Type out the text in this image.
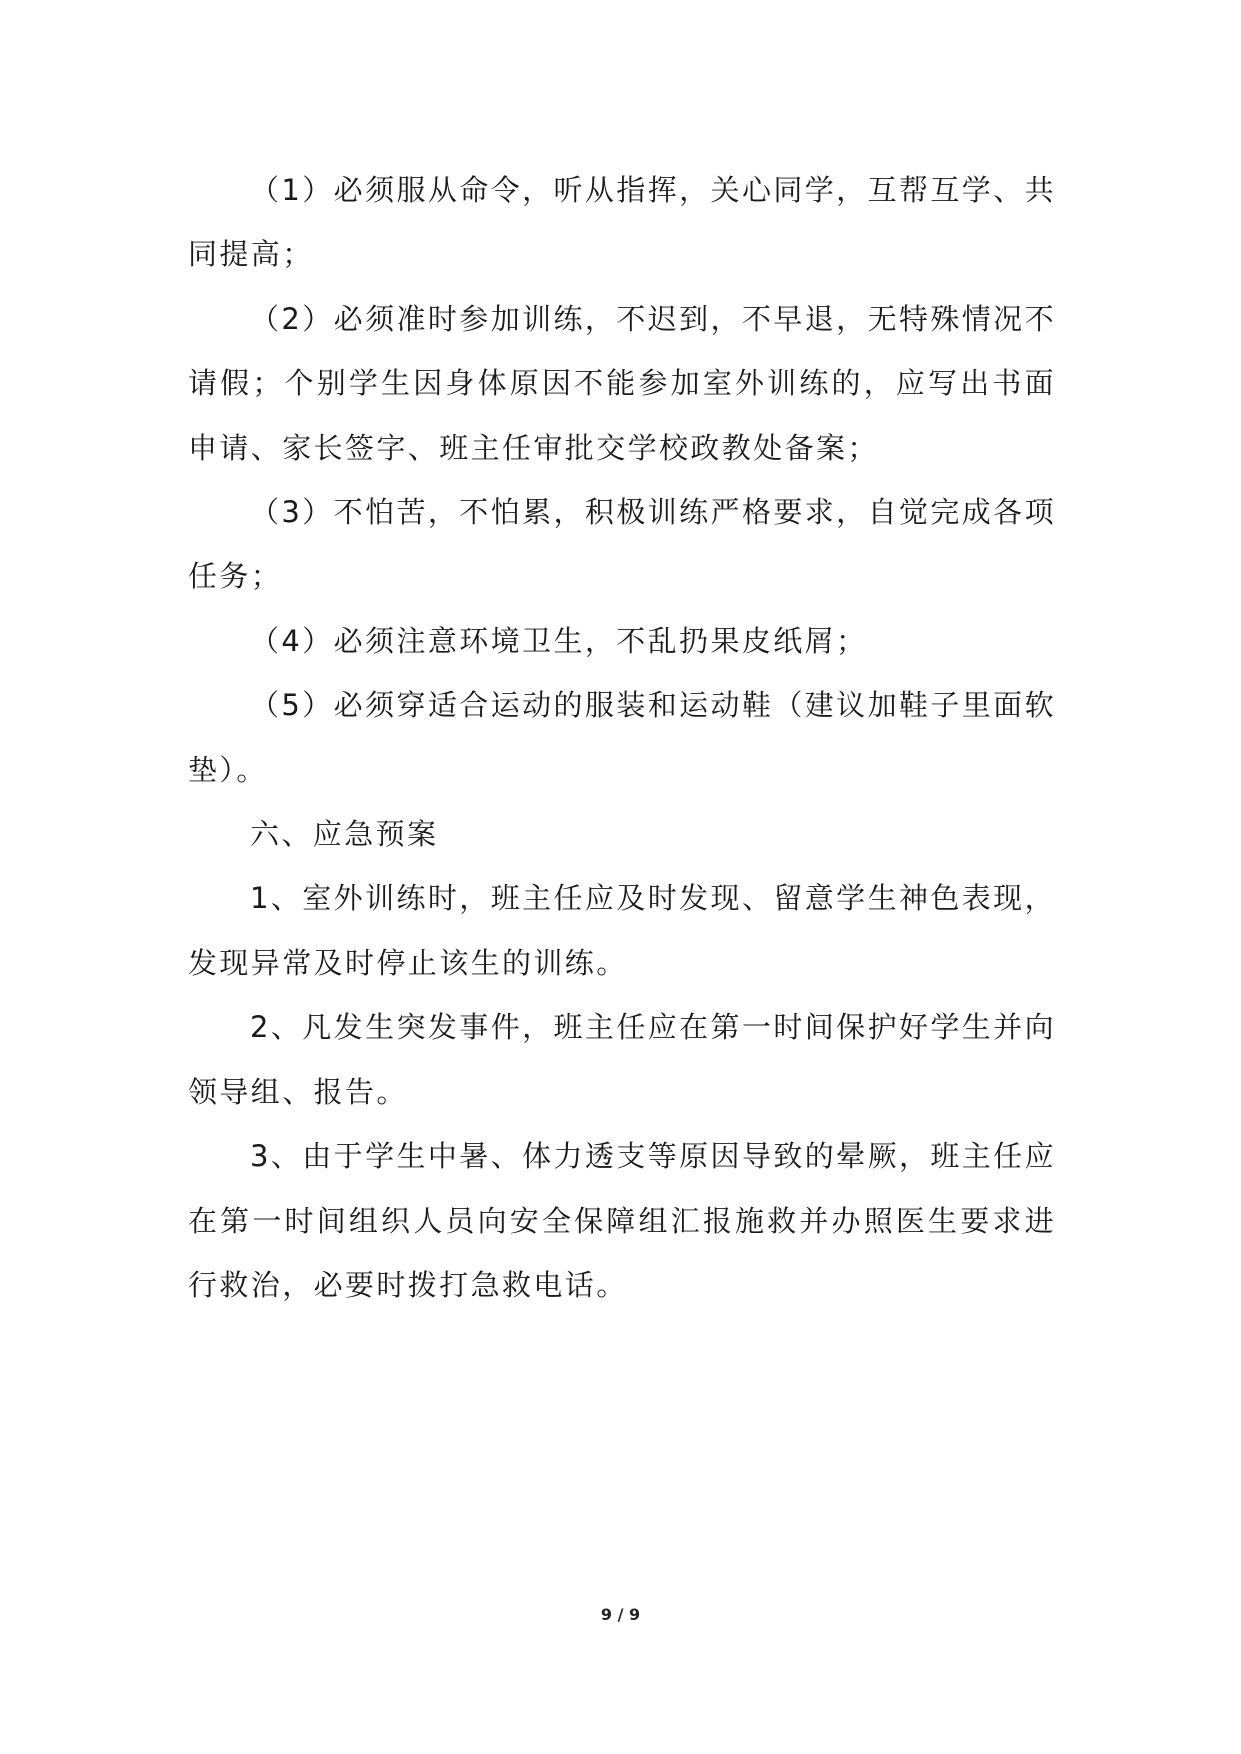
（1）必须服从命令，听从指挥，关心同学，互帮互学、共同提高；

（2）必须准时参加训练，不迟到，不早退，无特殊情况不请假；个别学生因身体原因不能参加室外训练的，应写出书面申请、家长签字、班主任审批交学校政教处备案；

（3）不怕苦，不怕累，积极训练严格要求，自觉完成各项任务；

（4）必须注意环境卫生，不乱扔果皮纸屑；

（5）必须穿适合运动的服装和运动鞋（建议加鞋子里面软垫）。

六、应急预案

1、室外训练时，班主任应及时发现、留意学生神色表现，发现异常及时停止该生的训练。

2、凡发生突发事件，班主任应在第一时间保护好学生并向领导组、报告。

3、由于学生中暑、体力透支等原因导致的晕厥，班主任应在第一时间组织人员向安全保障组汇报施救并办照医生要求进行救治，必要时拨打急救电话。

9 / 9
